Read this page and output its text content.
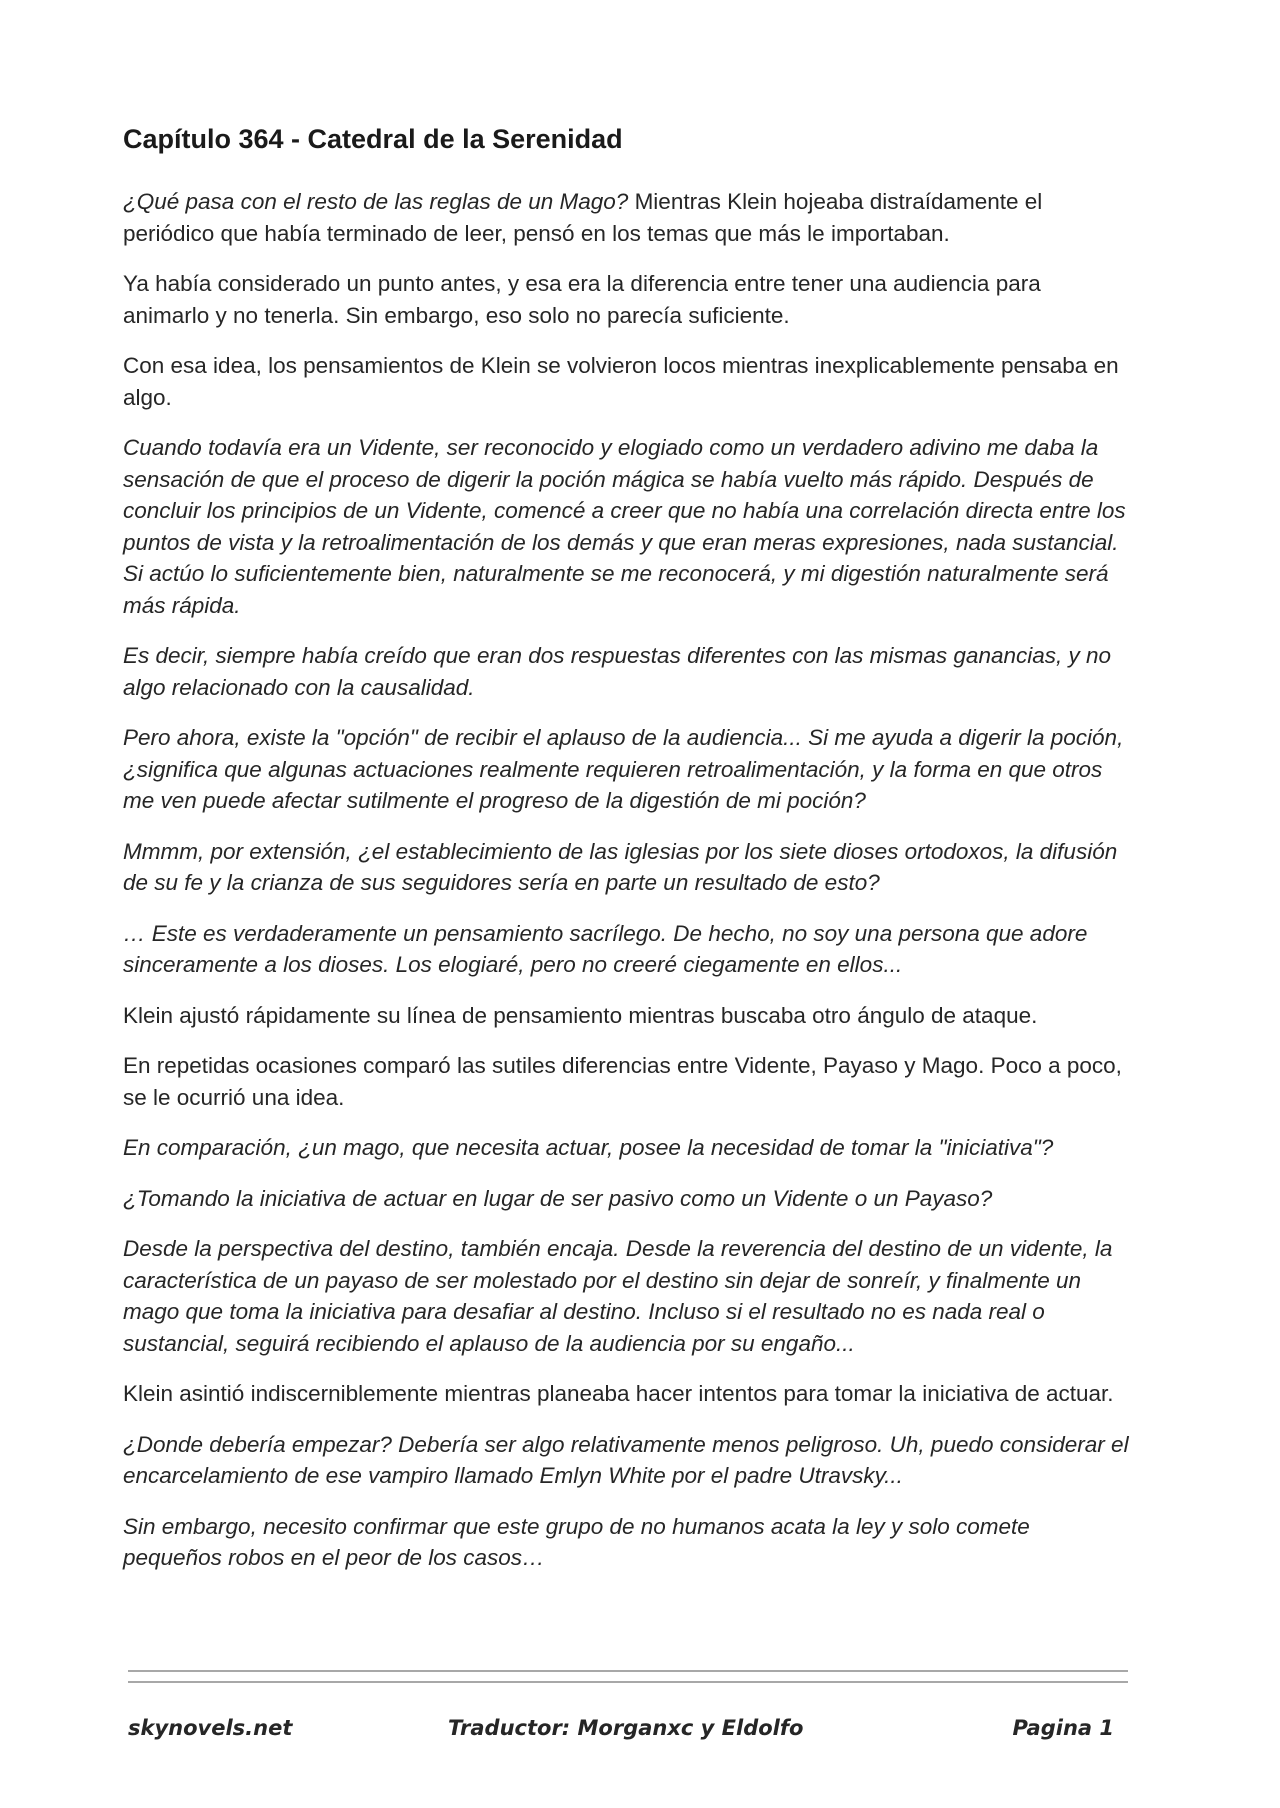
Capítulo 364 - Catedral de la Serenidad

¿Qué pasa con el resto de las reglas de un Mago? Mientras Klein hojeaba distraídamente el periódico que había terminado de leer, pensó en los temas que más le importaban.

Ya había considerado un punto antes, y esa era la diferencia entre tener una audiencia para animarlo y no tenerla. Sin embargo, eso solo no parecía suficiente.

Con esa idea, los pensamientos de Klein se volvieron locos mientras inexplicablemente pensaba en algo.

Cuando todavía era un Vidente, ser reconocido y elogiado como un verdadero adivino me daba la sensación de que el proceso de digerir la poción mágica se había vuelto más rápido. Después de concluir los principios de un Vidente, comencé a creer que no había una correlación directa entre los puntos de vista y la retroalimentación de los demás y que eran meras expresiones, nada sustancial. Si actúo lo suficientemente bien, naturalmente se me reconocerá, y mi digestión naturalmente será más rápida.

Es decir, siempre había creído que eran dos respuestas diferentes con las mismas ganancias, y no algo relacionado con la causalidad.

Pero ahora, existe la "opción" de recibir el aplauso de la audiencia... Si me ayuda a digerir la poción, ¿significa que algunas actuaciones realmente requieren retroalimentación, y la forma en que otros me ven puede afectar sutilmente el progreso de la digestión de mi poción?

Mmmm, por extensión, ¿el establecimiento de las iglesias por los siete dioses ortodoxos, la difusión de su fe y la crianza de sus seguidores sería en parte un resultado de esto?

… Este es verdaderamente un pensamiento sacrílego. De hecho, no soy una persona que adore sinceramente a los dioses. Los elogiaré, pero no creeré ciegamente en ellos...

Klein ajustó rápidamente su línea de pensamiento mientras buscaba otro ángulo de ataque.

En repetidas ocasiones comparó las sutiles diferencias entre Vidente, Payaso y Mago. Poco a poco, se le ocurrió una idea.

En comparación, ¿un mago, que necesita actuar, posee la necesidad de tomar la "iniciativa"?

¿Tomando la iniciativa de actuar en lugar de ser pasivo como un Vidente o un Payaso?

Desde la perspectiva del destino, también encaja. Desde la reverencia del destino de un vidente, la característica de un payaso de ser molestado por el destino sin dejar de sonreír, y finalmente un mago que toma la iniciativa para desafiar al destino. Incluso si el resultado no es nada real o sustancial, seguirá recibiendo el aplauso de la audiencia por su engaño...

Klein asintió indiscerniblemente mientras planeaba hacer intentos para tomar la iniciativa de actuar.

¿Donde debería empezar? Debería ser algo relativamente menos peligroso. Uh, puedo considerar el encarcelamiento de ese vampiro llamado Emlyn White por el padre Utravsky...

Sin embargo, necesito confirmar que este grupo de no humanos acata la ley y solo comete pequeños robos en el peor de los casos…

skynovels.net	Traductor: Morganxc y Eldolfo	Pagina 1
